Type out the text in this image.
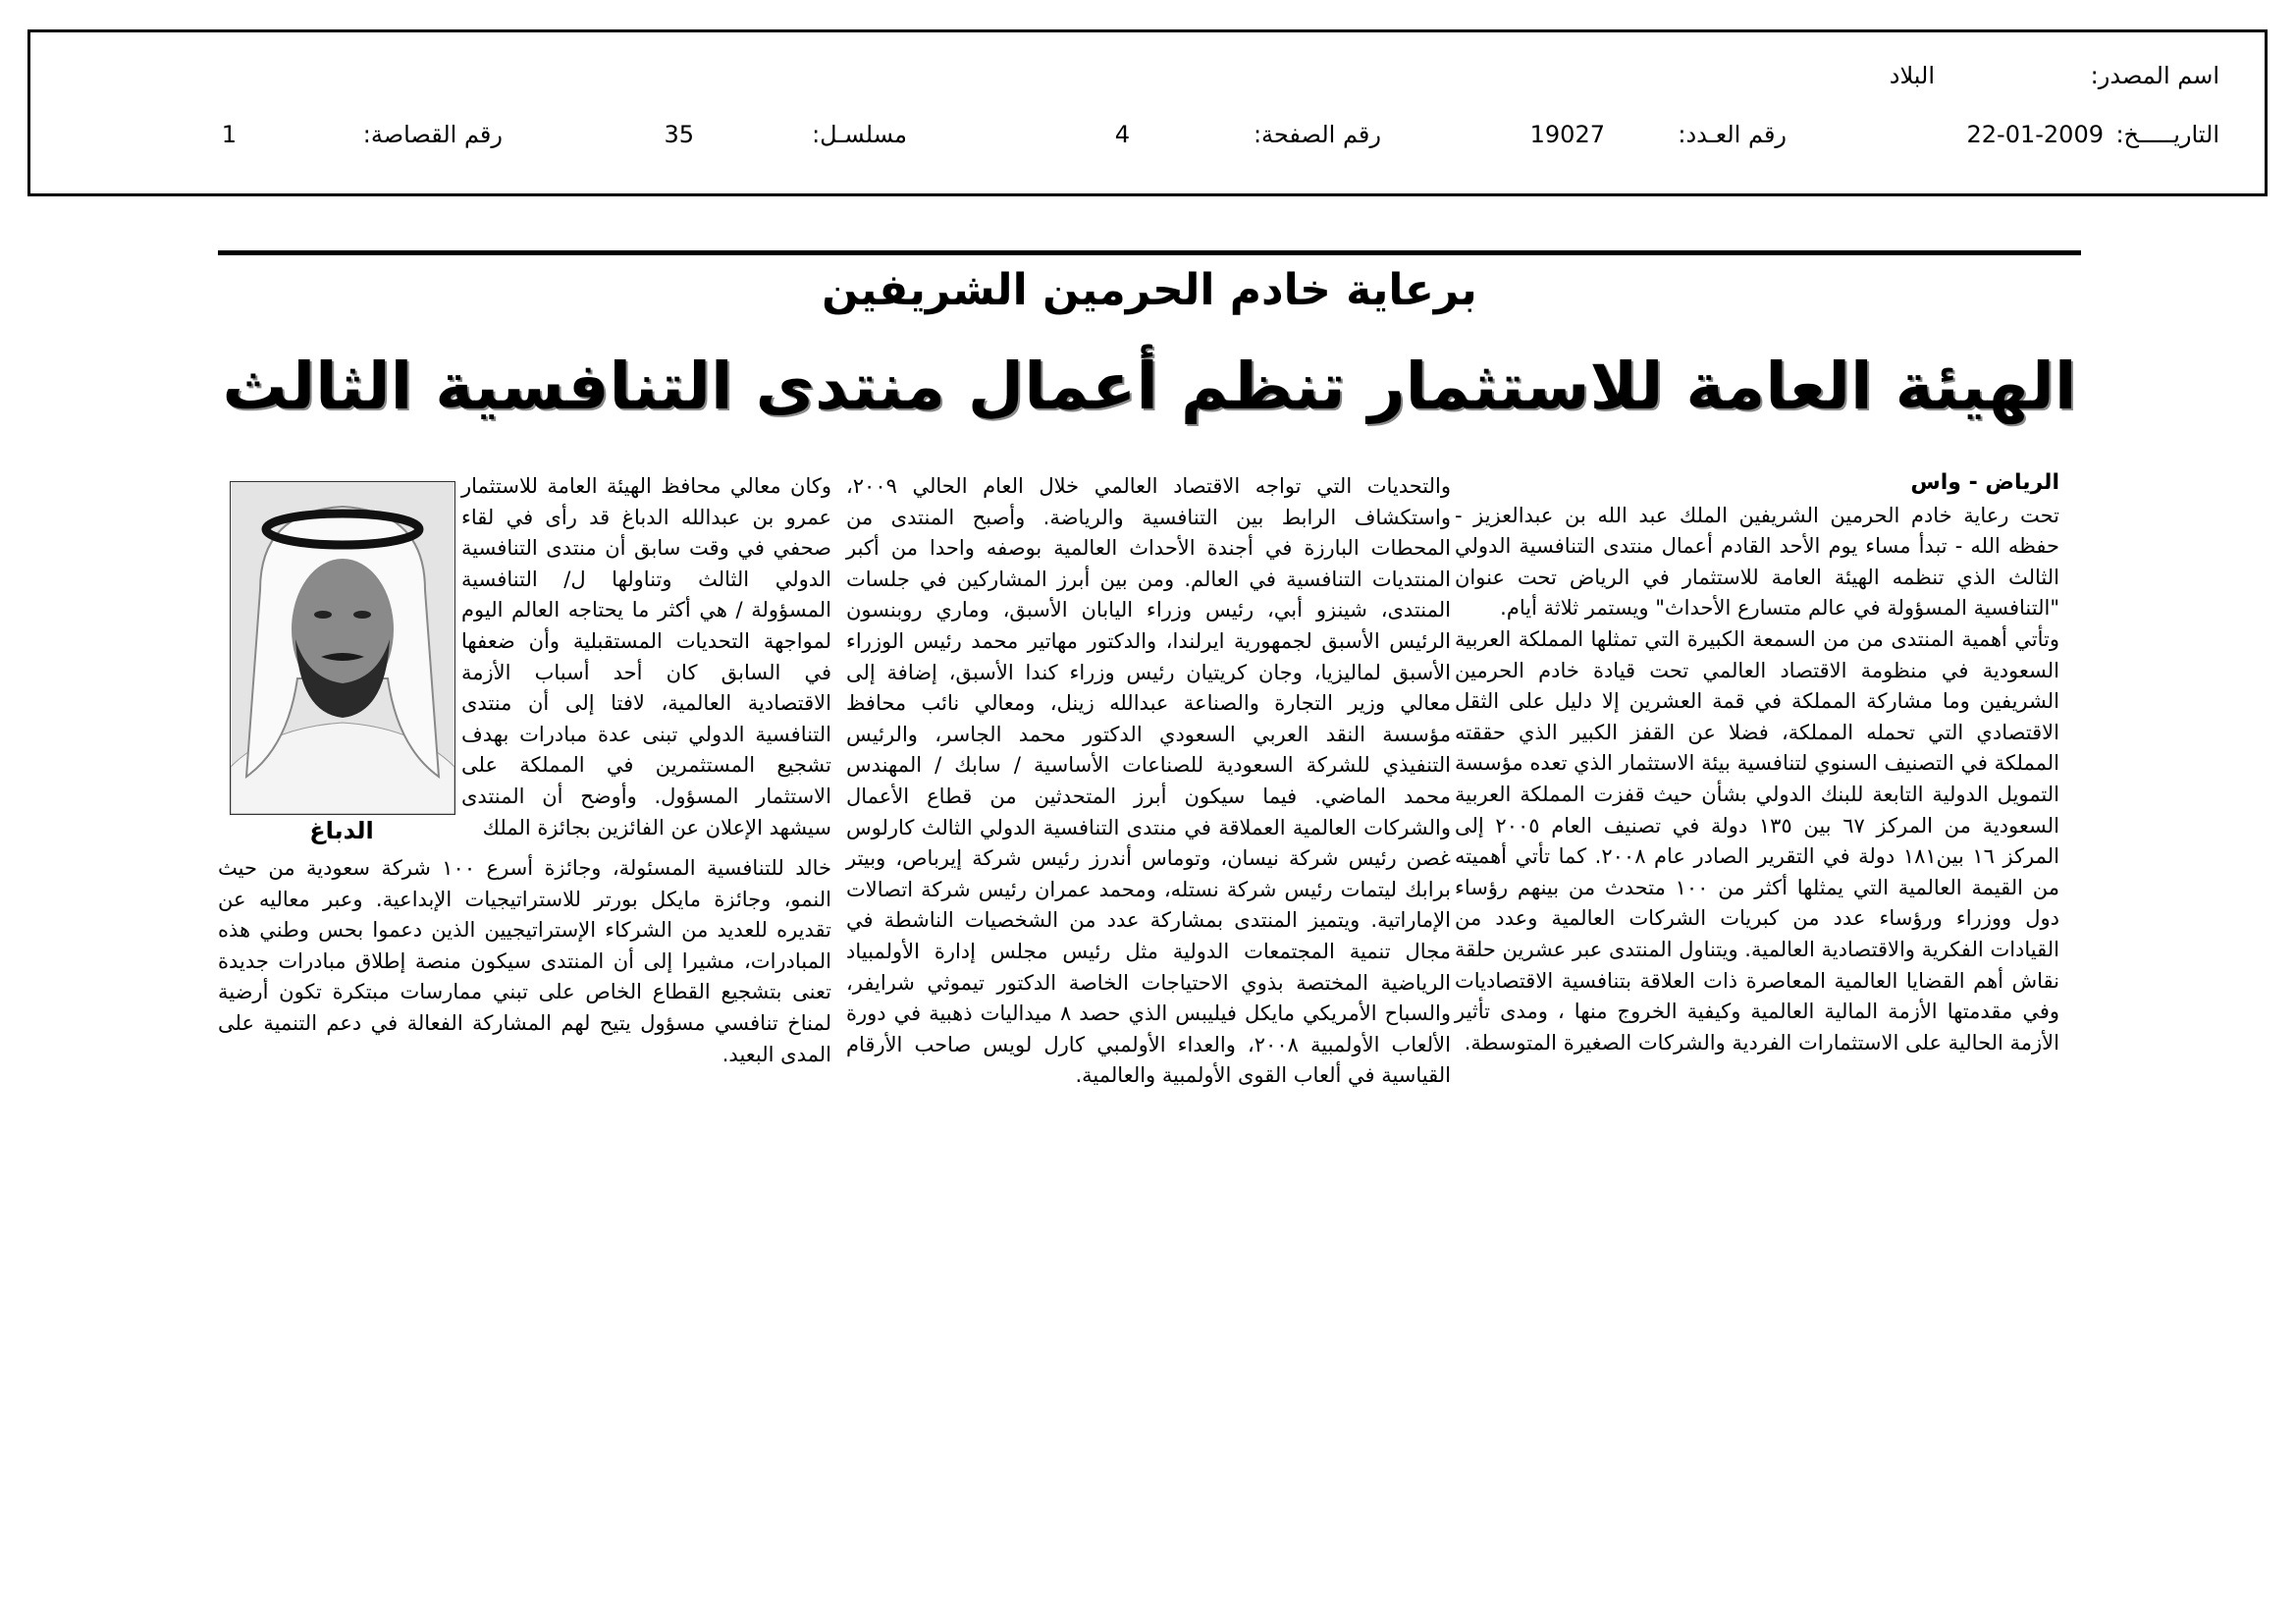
اسم المصدر:
البلاد
التاريـــــخ:
22-01-2009
رقم العـدد:
19027
رقم الصفحة:
4
مسلسـل:
35
رقم القصاصة:
1
برعاية خادم الحرمين الشريفين
الهيئة العامة للاستثمار تنظم أعمال منتدى التنافسية الثالث
الرياض - واس

تحت رعاية خادم الحرمين الشريفين الملك عبد الله بن عبدالعزيز - حفظه الله - تبدأ مساء يوم الأحد القادم أعمال منتدى التنافسية الدولي الثالث الذي تنظمه الهيئة العامة للاستثمار في الرياض تحت عنوان "التنافسية المسؤولة في عالم متسارع الأحداث" ويستمر ثلاثة أيام.

وتأتي أهمية المنتدى من من السمعة الكبيرة التي تمثلها المملكة العربية السعودية في منظومة الاقتصاد العالمي تحت قيادة خادم الحرمين الشريفين وما مشاركة المملكة في قمة العشرين إلا دليل على الثقل الاقتصادي التي تحمله المملكة، فضلا عن القفز الكبير الذي حققته المملكة في التصنيف السنوي لتنافسية بيئة الاستثمار الذي تعده مؤسسة التمويل الدولية التابعة للبنك الدولي بشأن حيث قفزت المملكة العربية السعودية من المركز ٦٧ بين ١٣٥ دولة في تصنيف العام ٢٠٠٥ إلى المركز ١٦ بين١٨١ دولة في التقرير الصادر عام ٢٠٠٨. كما تأتي أهميته من القيمة العالمية التي يمثلها أكثر من ١٠٠ متحدث من بينهم رؤساء دول ووزراء ورؤساء عدد من كبريات الشركات العالمية وعدد من القيادات الفكرية والاقتصادية العالمية. ويتناول المنتدى عبر عشرين حلقة نقاش أهم القضايا العالمية المعاصرة ذات العلاقة بتنافسية الاقتصاديات وفي مقدمتها الأزمة المالية العالمية وكيفية الخروج منها ، ومدى تأثير الأزمة الحالية على الاستثمارات الفردية والشركات الصغيرة المتوسطة.

والتحديات التي تواجه الاقتصاد العالمي خلال العام الحالي ٢٠٠٩، واستكشاف الرابط بين التنافسية والرياضة. وأصبح المنتدى من المحطات البارزة في أجندة الأحداث العالمية بوصفه واحدا من أكبر المنتديات التنافسية في العالم. ومن بين أبرز المشاركين في جلسات المنتدى، شينزو أبي، رئيس وزراء اليابان الأسبق، وماري روبنسون الرئيس الأسبق لجمهورية ايرلندا، والدكتور مهاتير محمد رئيس الوزراء الأسبق لماليزيا، وجان كريتيان رئيس وزراء كندا الأسبق، إضافة إلى معالي وزير التجارة والصناعة عبدالله زينل، ومعالي نائب محافظ مؤسسة النقد العربي السعودي الدكتور محمد الجاسر، والرئيس التنفيذي للشركة السعودية للصناعات الأساسية / سابك / المهندس محمد الماضي. فيما سيكون أبرز المتحدثين من قطاع الأعمال والشركات العالمية العملاقة في منتدى التنافسية الدولي الثالث كارلوس غصن رئيس شركة نيسان، وتوماس أندرز رئيس شركة إيرباص، وبيتر برابك ليتمات رئيس شركة نستله، ومحمد عمران رئيس شركة اتصالات الإماراتية. ويتميز المنتدى بمشاركة عدد من الشخصيات الناشطة في مجال تنمية المجتمعات الدولية مثل رئيس مجلس إدارة الأولمبياد الرياضية المختصة بذوي الاحتياجات الخاصة الدكتور تيموثي شرايفر، والسباح الأمريكي مايكل فيليبس الذي حصد ٨ ميداليات ذهبية في دورة الألعاب الأولمبية ٢٠٠٨، والعداء الأولمبي كارل لويس صاحب الأرقام القياسية في ألعاب القوى الأولمبية والعالمية.

وكان معالي محافظ الهيئة العامة للاستثمار عمرو بن عبدالله الدباغ قد رأى في لقاء صحفي في وقت سابق أن منتدى التنافسية الدولي الثالث وتناولها ل/ التنافسية المسؤولة / هي أكثر ما يحتاجه العالم اليوم لمواجهة التحديات المستقبلية وأن ضعفها في السابق كان أحد أسباب الأزمة الاقتصادية العالمية، لافتا إلى أن منتدى التنافسية الدولي تبنى عدة مبادرات بهدف تشجيع المستثمرين في المملكة على الاستثمار المسؤول. وأوضح أن المنتدى سيشهد الإعلان عن الفائزين بجائزة الملك

خالد للتنافسية المسئولة، وجائزة أسرع ١٠٠ شركة سعودية من حيث النمو، وجائزة مايكل بورتر للاستراتيجيات الإبداعية. وعبر معاليه عن تقديره للعديد من الشركاء الإستراتيجيين الذين دعموا بحس وطني هذه المبادرات، مشيرا إلى أن المنتدى سيكون منصة إطلاق مبادرات جديدة تعنى بتشجيع القطاع الخاص على تبني ممارسات مبتكرة تكون أرضية لمناخ تنافسي مسؤول يتيح لهم المشاركة الفعالة في دعم التنمية على المدى البعيد.

الدباغ
